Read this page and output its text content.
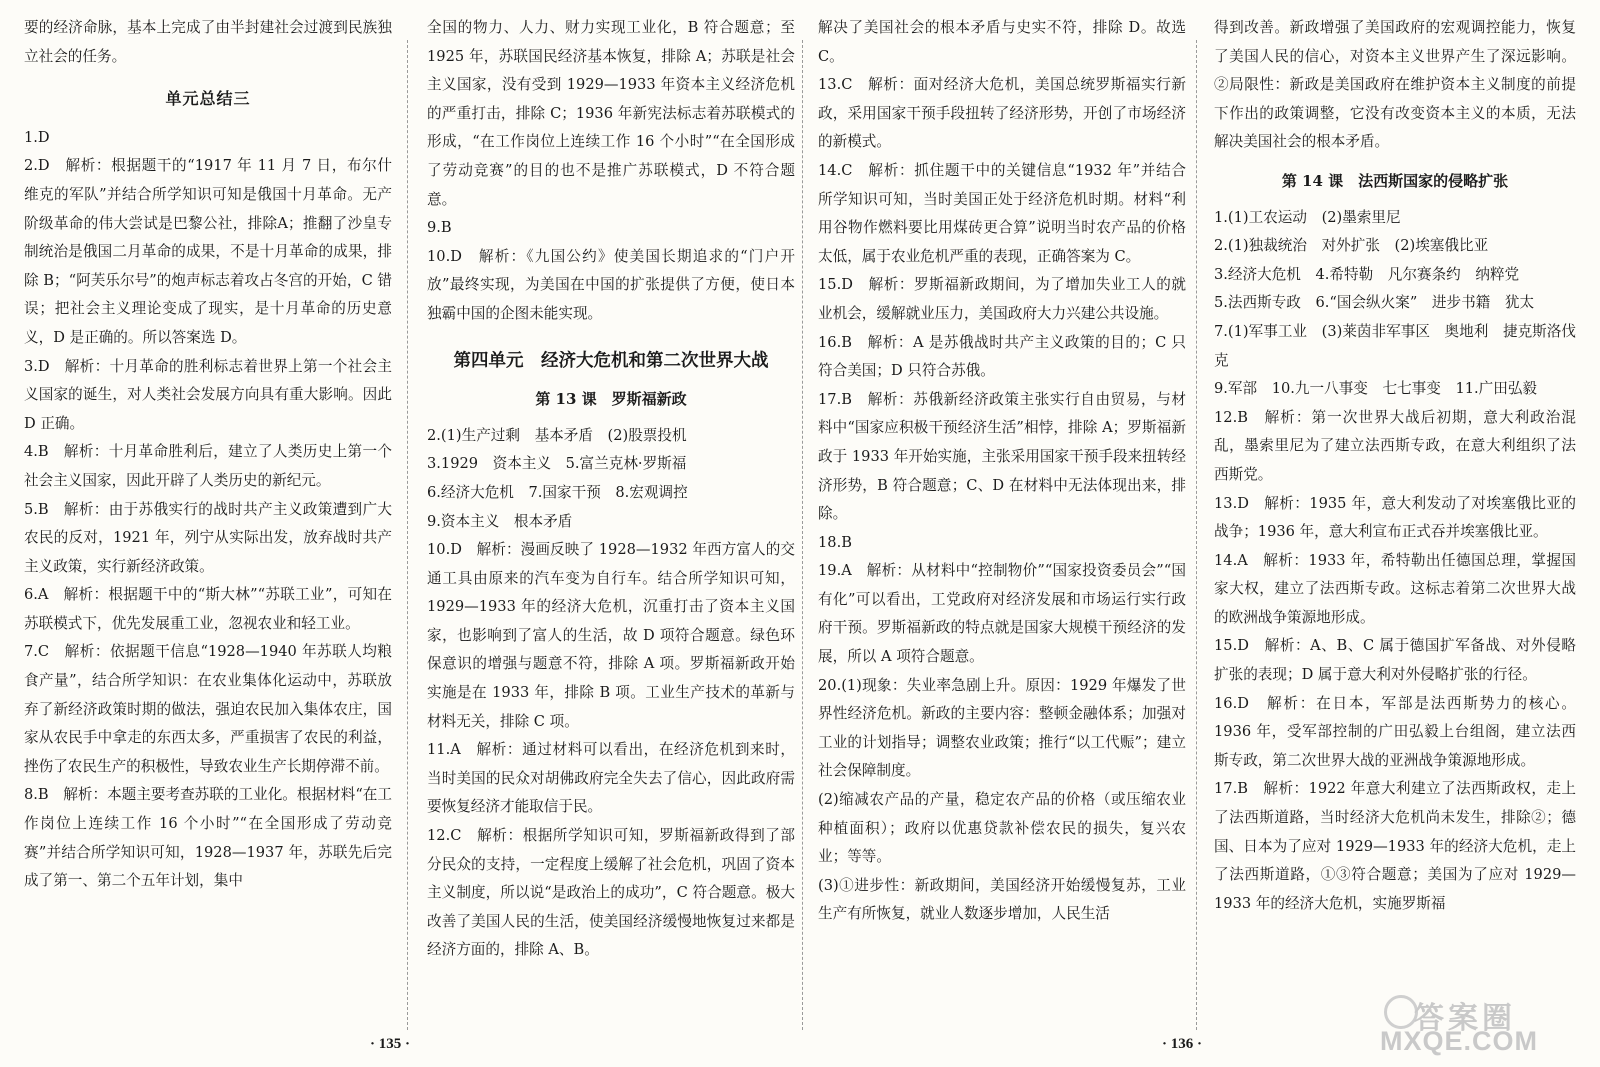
要的经济命脉，基本上完成了由半封建社会过渡到民族独立社会的任务。

单元总结三

1.D

2.D　解析：根据题干的“1917 年 11 月 7 日，布尔什维克的军队”并结合所学知识可知是俄国十月革命。无产阶级革命的伟大尝试是巴黎公社，排除A；推翻了沙皇专制统治是俄国二月革命的成果，不是十月革命的成果，排除 B；“阿芙乐尔号”的炮声标志着攻占冬宫的开始，C 错误；把社会主义理论变成了现实，是十月革命的历史意义，D 是正确的。所以答案选 D。

3.D　解析：十月革命的胜利标志着世界上第一个社会主义国家的诞生，对人类社会发展方向具有重大影响。因此 D 正确。

4.B　解析：十月革命胜利后，建立了人类历史上第一个社会主义国家，因此开辟了人类历史的新纪元。

5.B　解析：由于苏俄实行的战时共产主义政策遭到广大农民的反对，1921 年，列宁从实际出发，放弃战时共产主义政策，实行新经济政策。

6.A　解析：根据题干中的“斯大林”“苏联工业”，可知在苏联模式下，优先发展重工业，忽视农业和轻工业。

7.C　解析：依据题干信息“1928—1940 年苏联人均粮食产量”，结合所学知识：在农业集体化运动中，苏联放弃了新经济政策时期的做法，强迫农民加入集体农庄，国家从农民手中拿走的东西太多，严重损害了农民的利益，挫伤了农民生产的积极性，导致农业生产长期停滞不前。

8.B　解析：本题主要考查苏联的工业化。根据材料“在工作岗位上连续工作 16 个小时”“在全国形成了劳动竞赛”并结合所学知识可知，1928—1937 年，苏联先后完成了第一、第二个五年计划，集中

全国的物力、人力、财力实现工业化，B 符合题意；至 1925 年，苏联国民经济基本恢复，排除 A；苏联是社会主义国家，没有受到 1929—1933 年资本主义经济危机的严重打击，排除 C；1936 年新宪法标志着苏联模式的形成，“在工作岗位上连续工作 16 个小时”“在全国形成了劳动竞赛”的目的也不是推广苏联模式，D 不符合题意。

9.B

10.D　解析：《九国公约》使美国长期追求的“门户开放”最终实现，为美国在中国的扩张提供了方便，使日本独霸中国的企图未能实现。

第四单元　经济大危机和第二次世界大战
第 13 课　罗斯福新政

2.(1)生产过剩　基本矛盾　(2)股票投机

3.1929　资本主义　5.富兰克林·罗斯福

6.经济大危机　7.国家干预　8.宏观调控

9.资本主义　根本矛盾

10.D　解析：漫画反映了 1928—1932 年西方富人的交通工具由原来的汽车变为自行车。结合所学知识可知，1929—1933 年的经济大危机，沉重打击了资本主义国家，也影响到了富人的生活，故 D 项符合题意。绿色环保意识的增强与题意不符，排除 A 项。罗斯福新政开始实施是在 1933 年，排除 B 项。工业生产技术的革新与材料无关，排除 C 项。

11.A　解析：通过材料可以看出，在经济危机到来时，当时美国的民众对胡佛政府完全失去了信心，因此政府需要恢复经济才能取信于民。

12.C　解析：根据所学知识可知，罗斯福新政得到了部分民众的支持，一定程度上缓解了社会危机，巩固了资本主义制度，所以说“是政治上的成功”，C 符合题意。极大改善了美国人民的生活，使美国经济缓慢地恢复过来都是经济方面的，排除 A、B。

解决了美国社会的根本矛盾与史实不符，排除 D。故选 C。

13.C　解析：面对经济大危机，美国总统罗斯福实行新政，采用国家干预手段扭转了经济形势，开创了市场经济的新模式。

14.C　解析：抓住题干中的关键信息“1932 年”并结合所学知识可知，当时美国正处于经济危机时期。材料“利用谷物作燃料要比用煤砖更合算”说明当时农产品的价格太低，属于农业危机严重的表现，正确答案为 C。

15.D　解析：罗斯福新政期间，为了增加失业工人的就业机会，缓解就业压力，美国政府大力兴建公共设施。

16.B　解析：A 是苏俄战时共产主义政策的目的；C 只符合美国；D 只符合苏俄。

17.B　解析：苏俄新经济政策主张实行自由贸易，与材料中“国家应积极干预经济生活”相悖，排除 A；罗斯福新政于 1933 年开始实施，主张采用国家干预手段来扭转经济形势，B 符合题意；C、D 在材料中无法体现出来，排除。

18.B

19.A　解析：从材料中“控制物价”“国家投资委员会”“国有化”可以看出，工党政府对经济发展和市场运行实行政府干预。罗斯福新政的特点就是国家大规模干预经济的发展，所以 A 项符合题意。

20.(1)现象：失业率急剧上升。原因：1929 年爆发了世界性经济危机。新政的主要内容：整顿金融体系；加强对工业的计划指导；调整农业政策；推行“以工代赈”；建立社会保障制度。

(2)缩减农产品的产量，稳定农产品的价格（或压缩农业种植面积）；政府以优惠贷款补偿农民的损失，复兴农业；等等。

(3)①进步性：新政期间，美国经济开始缓慢复苏，工业生产有所恢复，就业人数逐步增加，人民生活

得到改善。新政增强了美国政府的宏观调控能力，恢复了美国人民的信心，对资本主义世界产生了深远影响。②局限性：新政是美国政府在维护资本主义制度的前提下作出的政策调整，它没有改变资本主义的本质，无法解决美国社会的根本矛盾。

第 14 课　法西斯国家的侵略扩张

1.(1)工农运动　(2)墨索里尼

2.(1)独裁统治　对外扩张　(2)埃塞俄比亚

3.经济大危机　4.希特勒　凡尔赛条约　纳粹党

5.法西斯专政　6.“国会纵火案”　进步书籍　犹太

7.(1)军事工业　(3)莱茵非军事区　奥地利　捷克斯洛伐克

9.军部　10.九一八事变　七七事变　11.广田弘毅

12.B　解析：第一次世界大战后初期，意大利政治混乱，墨索里尼为了建立法西斯专政，在意大利组织了法西斯党。

13.D　解析：1935 年，意大利发动了对埃塞俄比亚的战争；1936 年，意大利宣布正式吞并埃塞俄比亚。

14.A　解析：1933 年，希特勒出任德国总理，掌握国家大权，建立了法西斯专政。这标志着第二次世界大战的欧洲战争策源地形成。

15.D　解析：A、B、C 属于德国扩军备战、对外侵略扩张的表现；D 属于意大利对外侵略扩张的行径。

16.D　解析：在日本，军部是法西斯势力的核心。1936 年，受军部控制的广田弘毅上台组阁，建立法西斯专政，第二次世界大战的亚洲战争策源地形成。

17.B　解析：1922 年意大利建立了法西斯政权，走上了法西斯道路，当时经济大危机尚未发生，排除②；德国、日本为了应对 1929—1933 年的经济大危机，走上了法西斯道路，①③符合题意；美国为了应对 1929—1933 年的经济大危机，实施罗斯福

· 135 ·	· 136 ·
答案圈
MXQE.COM
